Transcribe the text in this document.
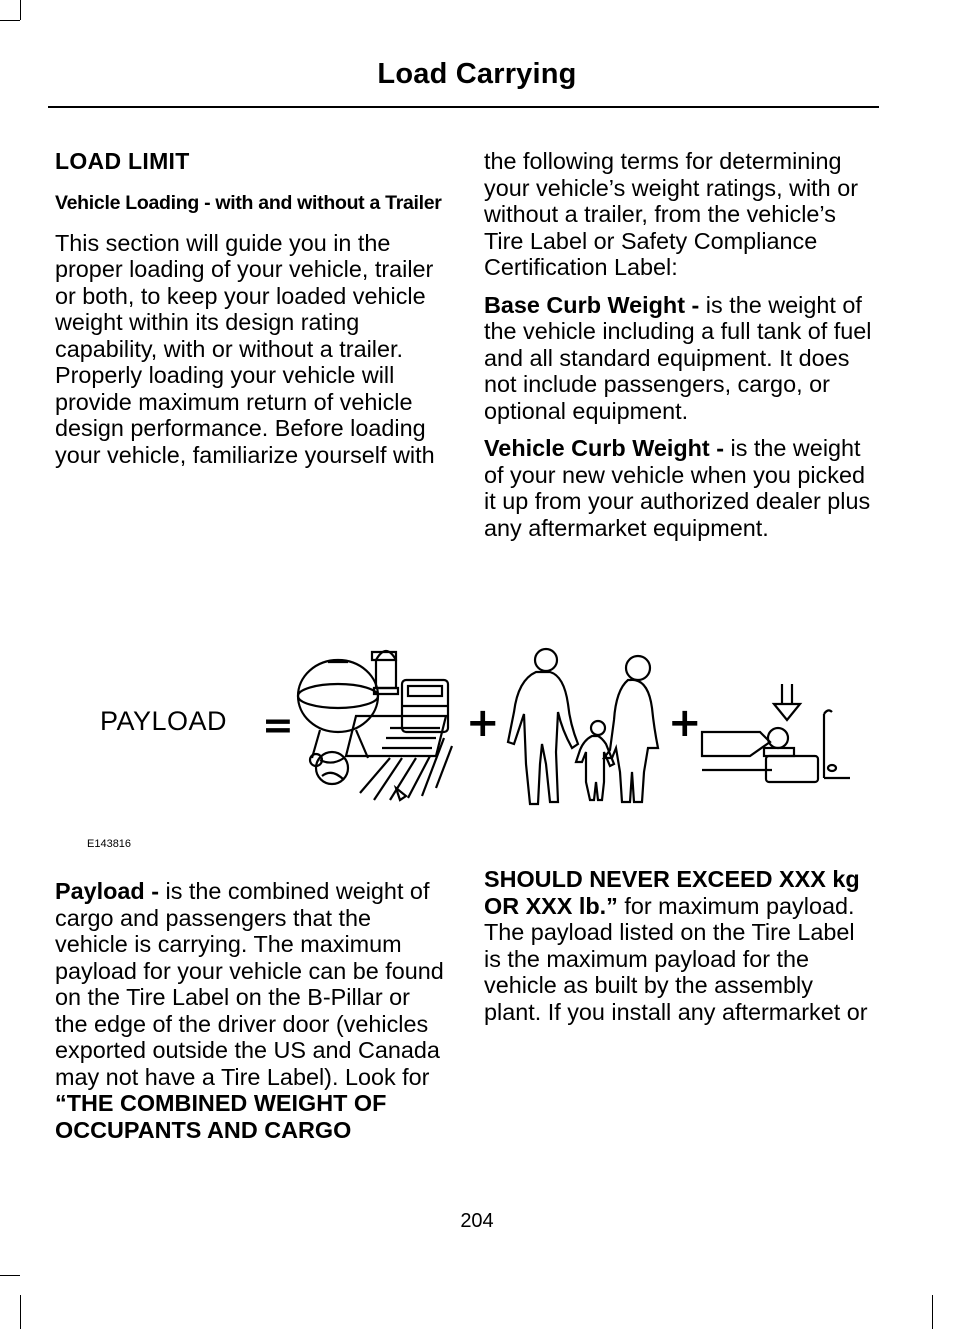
Load Carrying
LOAD LIMIT
Vehicle Loading - with and without a Trailer

This section will guide you in the proper loading of your vehicle, trailer or both, to keep your loaded vehicle weight within its design rating capability, with or without a trailer. Properly loading your vehicle will provide maximum return of vehicle design performance. Before loading your vehicle, familiarize yourself with

the following terms for determining your vehicle’s weight ratings, with or without a trailer, from the vehicle’s Tire Label or Safety Compliance Certification Label:

Base Curb Weight - is the weight of the vehicle including a full tank of fuel and all standard equipment. It does not include passengers, cargo, or optional equipment.

Vehicle Curb Weight - is the weight of your new vehicle when you picked it up from your authorized dealer plus any aftermarket equipment.

PAYLOAD =	+	+
E143816

Payload - is the combined weight of cargo and passengers that the vehicle is carrying. The maximum payload for your vehicle can be found on the Tire Label on the B-Pillar or the edge of the driver door (vehicles exported outside the US and Canada may not have a Tire Label). Look for “THE COMBINED WEIGHT OF OCCUPANTS AND CARGO

SHOULD NEVER EXCEED XXX kg OR XXX lb.” for maximum payload. The payload listed on the Tire Label is the maximum payload for the vehicle as built by the assembly plant. If you install any aftermarket or

204
